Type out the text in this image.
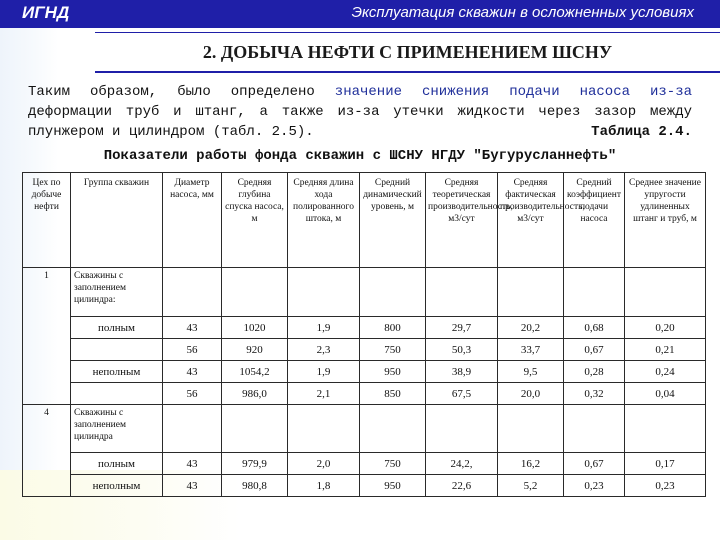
ИГНД	Эксплуатация скважин в осложненных условиях
2. ДОБЫЧА НЕФТИ С ПРИМЕНЕНИЕМ ШСНУ
Таким образом, было определено значение снижения подачи насоса из-за
деформации труб и штанг, а также из-за утечки жидкости через зазор между
плунжером и цилиндром (табл. 2.5).	Таблица 2.4.
Показатели работы фонда скважин с ШСНУ НГДУ "Бугурусланнефть"
Цех по добыче нефти	Группа скважин	Диаметр насоса, мм	Средняя глубина спуска насоса, м	Средняя длина хода полированного штока, м	Средний динамический уровень, м	Средняя теоретическая производительность, м3/сут	Средняя фактическая производительность, м3/сут	Средний коэффициент подачи насоса	Среднее значение упругости удлиненных штанг и труб, м
1	Скважины с заполнением цилиндра:								
	полным	43	1020	1,9	800	29,7	20,2	0,68	0,20
		56	920	2,3	750	50,3	33,7	0,67	0,21
	неполным	43	1054,2	1,9	950	38,9	9,5	0,28	0,24
		56	986,0	2,1	850	67,5	20,0	0,32	0,04
4	Скважины с заполнением цилиндра								
	полным	43	979,9	2,0	750	24,2,	16,2	0,67	0,17
	неполным	43	980,8	1,8	950	22,6	5,2	0,23	0,23
